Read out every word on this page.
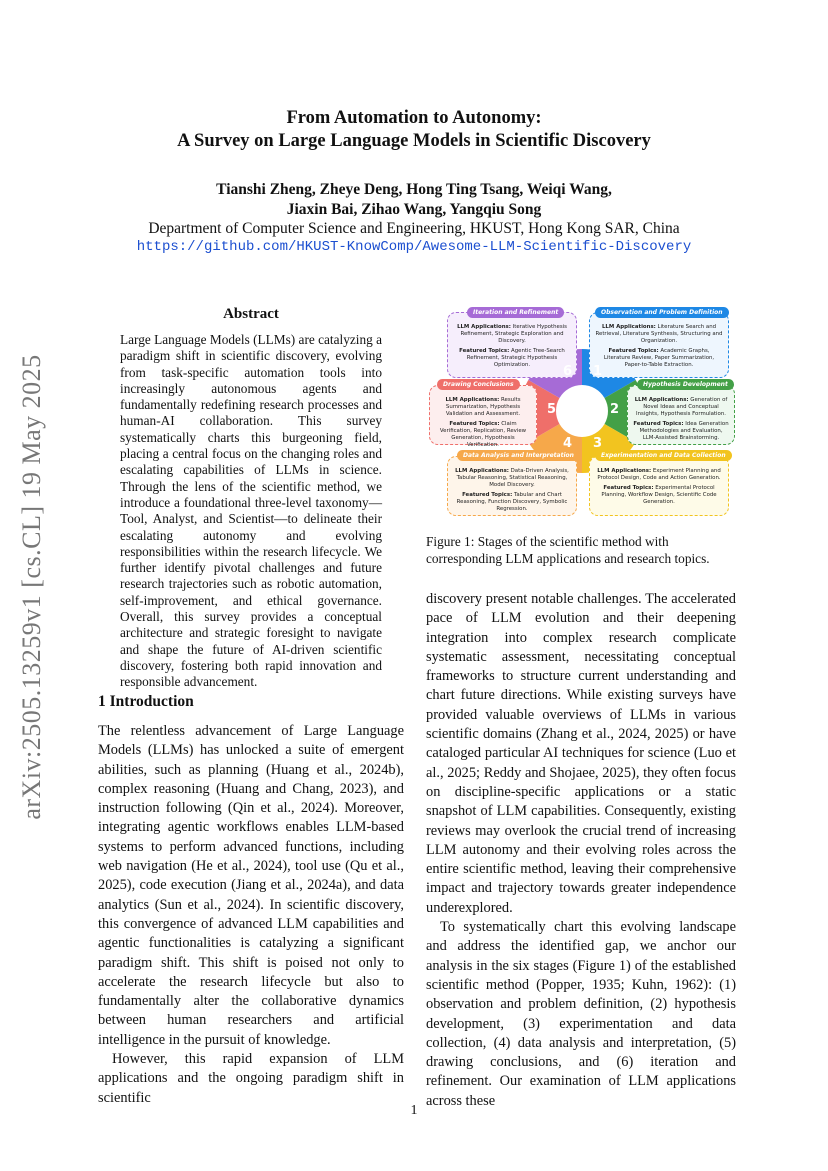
arXiv:2505.13259v1 [cs.CL] 19 May 2025
From Automation to Autonomy:
A Survey on Large Language Models in Scientific Discovery
Tianshi Zheng, Zheye Deng, Hong Ting Tsang, Weiqi Wang,
Jiaxin Bai, Zihao Wang, Yangqiu Song
Department of Computer Science and Engineering, HKUST, Hong Kong SAR, China
https://github.com/HKUST-KnowComp/Awesome-LLM-Scientific-Discovery
Abstract
Large Language Models (LLMs) are catalyzing a paradigm shift in scientific discovery, evolving from task-specific automation tools into increasingly autonomous agents and fundamentally redefining research processes and human-AI collaboration. This survey systematically charts this burgeoning field, placing a central focus on the changing roles and escalating capabilities of LLMs in science. Through the lens of the scientific method, we introduce a foundational three-level taxonomy—Tool, Analyst, and Scientist—to delineate their escalating autonomy and evolving responsibilities within the research lifecycle. We further identify pivotal challenges and future research trajectories such as robotic automation, self-improvement, and ethical governance. Overall, this survey provides a conceptual architecture and strategic foresight to navigate and shape the future of AI-driven scientific discovery, fostering both rapid innovation and responsible advancement.
1 Introduction

The relentless advancement of Large Language Models (LLMs) has unlocked a suite of emergent abilities, such as planning (Huang et al., 2024b), complex reasoning (Huang and Chang, 2023), and instruction following (Qin et al., 2024). Moreover, integrating agentic workflows enables LLM-based systems to perform advanced functions, including web navigation (He et al., 2024), tool use (Qu et al., 2025), code execution (Jiang et al., 2024a), and data analytics (Sun et al., 2024). In scientific discovery, this convergence of advanced LLM capabilities and agentic functionalities is catalyzing a significant paradigm shift. This shift is poised not only to accelerate the research lifecycle but also to fundamentally alter the collaborative dynamics between human researchers and artificial intelligence in the pursuit of knowledge.

However, this rapid expansion of LLM applications and the ongoing paradigm shift in scientific

LLM Applications: Iterative Hypothesis Refinement, Strategic Exploration and Discovery.
Featured Topics: Agentic Tree-Search Refinement, Strategic Hypothesis Optimization.
Iteration and Refinement
LLM Applications: Literature Search and Retrieval, Literature Synthesis, Structuring and Organization.
Featured Topics: Academic Graphs, Literature Review, Paper Summarization, Paper-to-Table Extraction.
Observation and Problem Definition
LLM Applications: Results Summarization, Hypothesis Validation and Assessment.
Featured Topics: Claim Verification, Replication, Review Generation, Hypothesis Verification.
Drawing Conclusions
LLM Applications: Generation of Novel Ideas and Conceptual Insights, Hypothesis Formulation.
Featured Topics: Idea Generation Methodologies and Evaluation, LLM-Assisted Brainstorming.
Hypothesis Development
LLM Applications: Data-Driven Analysis, Tabular Reasoning, Statistical Reasoning, Model Discovery.
Featured Topics: Tabular and Chart Reasoning, Function Discovery, Symbolic Regression.
Data Analysis and Interpretation
LLM Applications: Experiment Planning and Protocol Design, Code and Action Generation.
Featured Topics: Experimental Protocol Planning, Workflow Design, Scientific Code Generation.
Experimentation and Data Collection
1
2
3
4
5
6
Figure 1: Stages of the scientific method with corresponding LLM applications and research topics.

discovery present notable challenges. The accelerated pace of LLM evolution and their deepening integration into complex research complicate systematic assessment, necessitating conceptual frameworks to structure current understanding and chart future directions. While existing surveys have provided valuable overviews of LLMs in various scientific domains (Zhang et al., 2024, 2025) or have cataloged particular AI techniques for science (Luo et al., 2025; Reddy and Shojaee, 2025), they often focus on discipline-specific applications or a static snapshot of LLM capabilities. Consequently, existing reviews may overlook the crucial trend of increasing LLM autonomy and their evolving roles across the entire scientific method, leaving their comprehensive impact and trajectory towards greater independence underexplored.

To systematically chart this evolving landscape and address the identified gap, we anchor our analysis in the six stages (Figure 1) of the established scientific method (Popper, 1935; Kuhn, 1962): (1) observation and problem definition, (2) hypothesis development, (3) experimentation and data collection, (4) data analysis and interpretation, (5) drawing conclusions, and (6) iteration and refinement. Our examination of LLM applications across these

1
